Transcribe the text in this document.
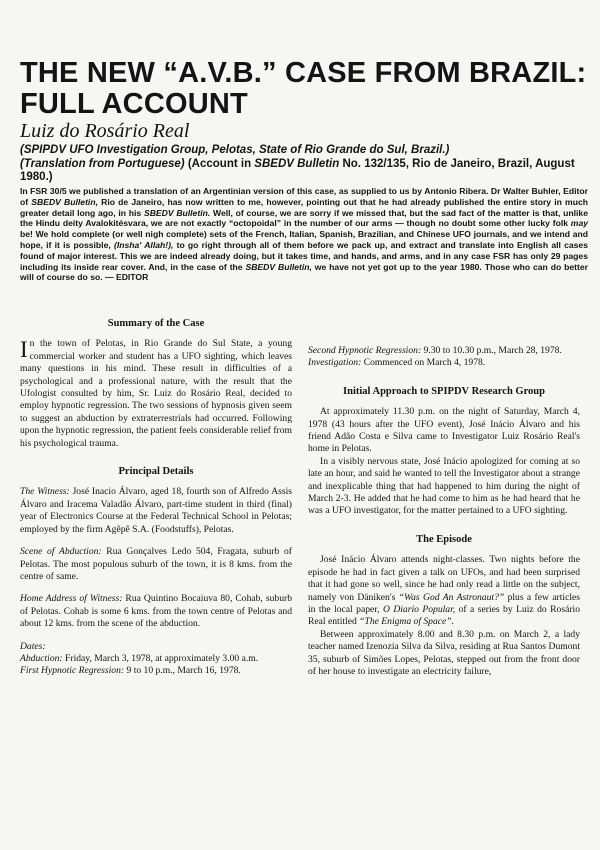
THE NEW “A.V.B.” CASE FROM BRAZIL: FULL ACCOUNT
Luiz do Rosário Real
(SPIPDV UFO Investigation Group, Pelotas, State of Rio Grande do Sul, Brazil.)
(Translation from Portuguese) (Account in SBEDV Bulletin No. 132/135, Rio de Janeiro, Brazil, August 1980.)
In FSR 30/5 we published a translation of an Argentinian version of this case, as supplied to us by Antonio Ribera. Dr Walter Buhler, Editor of SBEDV Bulletin, Rio de Janeiro, has now written to me, however, pointing out that he had already published the entire story in much greater detail long ago, in his SBEDV Bulletin. Well, of course, we are sorry if we missed that, but the sad fact of the matter is that, unlike the Hindu deity Avalokitésvara, we are not exactly “octopoidal” in the number of our arms — though no doubt some other lucky folk may be! We hold complete (or well nigh complete) sets of the French, Italian, Spanish, Brazilian, and Chinese UFO journals, and we intend and hope, if it is possible, (Insha' Allah!), to go right through all of them before we pack up, and extract and translate into English all cases found of major interest. This we are indeed already doing, but it takes time, and hands, and arms, and in any case FSR has only 29 pages including its inside rear cover. And, in the case of the SBEDV Bulletin, we have not yet got up to the year 1980. Those who can do better will of course do so. — EDITOR
Summary of the Case

In the town of Pelotas, in Rio Grande do Sul State, a young commercial worker and student has a UFO sighting, which leaves many questions in his mind. These result in difficulties of a psychological and a professional nature, with the result that the Ufologist consulted by him, Sr. Luiz do Rosário Real, decided to employ hypnotic regression. The two sessions of hypnosis given seem to suggest an abduction by extraterrestrials had occurred. Following upon the hypnotic regression, the patient feels considerable relief from his psychological trauma.

Principal Details

The Witness: José Inacio Álvaro, aged 18, fourth son of Alfredo Assis Álvaro and Iracema Valadão Álvaro, part-time student in third (final) year of Electronics Course at the Federal Technical School in Pelotas; employed by the firm Agêpê S.A. (Foodstuffs), Pelotas.

Scene of Abduction: Rua Gonçalves Ledo 504, Fragata, suburb of Pelotas. The most populous suburb of the town, it is 8 kms. from the centre of same.

Home Address of Witness: Rua Quintino Bocaiuva 80, Cohab, suburb of Pelotas. Cohab is some 6 kms. from the town centre of Pelotas and about 12 kms. from the scene of the abduction.

Dates:

Abduction: Friday, March 3, 1978, at approximately 3.00 a.m.

First Hypnotic Regression: 9 to 10 p.m., March 16, 1978.

Second Hypnotic Regression: 9.30 to 10.30 p.m., March 28, 1978.

Investigation: Commenced on March 4, 1978.

Initial Approach to SPIPDV Research Group

At approximately 11.30 p.m. on the night of Saturday, March 4, 1978 (43 hours after the UFO event), José Inácio Álvaro and his friend Adão Costa e Silva came to Investigator Luiz Rosário Real's home in Pelotas.

In a visibly nervous state, José Inácio apologized for coming at so late an hour, and said he wanted to tell the Investigator about a strange and inexplicable thing that had happened to him during the night of March 2-3. He added that he had come to him as he had heard that he was a UFO investigator, for the matter pertained to a UFO sighting.

The Episode

José Inácio Álvaro attends night-classes. Two nights before the episode he had in fact given a talk on UFOs, and had been surprised that it had gone so well, since he had only read a little on the subject, namely von Däniken's “Was God An Astronaut?” plus a few articles in the local paper, O Diario Popular, of a series by Luiz do Rosário Real entitled “The Enigma of Space”.

Between approximately 8.00 and 8.30 p.m. on March 2, a lady teacher named Izenozia Silva da Silva, residing at Rua Santos Dumont 35, suburb of Simões Lopes, Pelotas, stepped out from the front door of her house to investigate an electricity failure,
